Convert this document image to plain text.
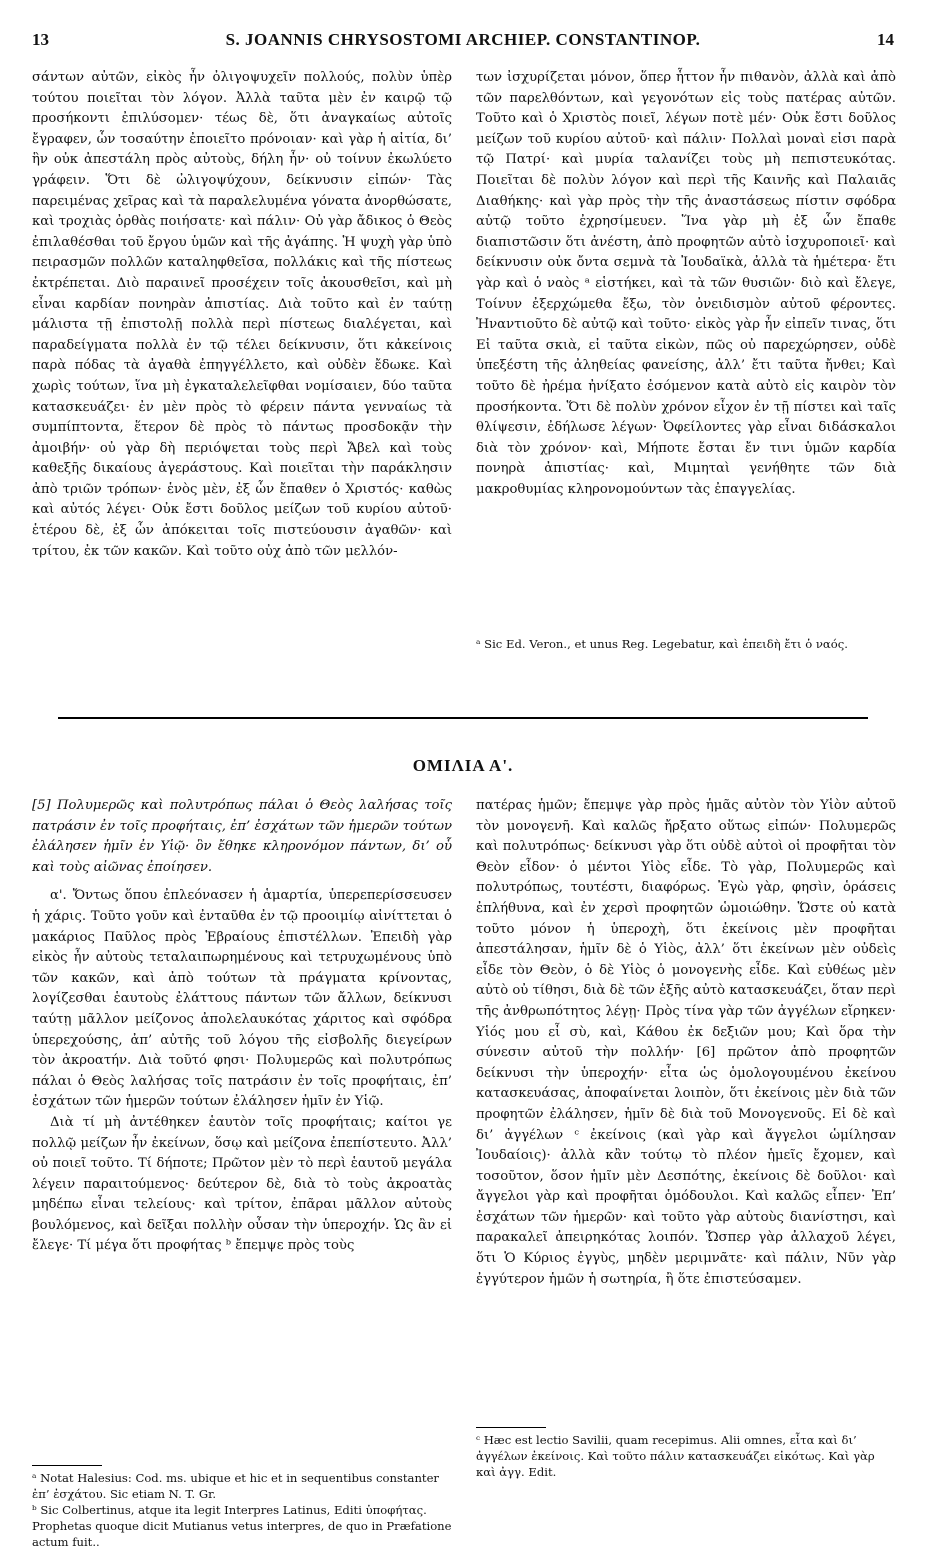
13	S. JOANNIS CHRYSOSTOMI ARCHIEP. CONSTANTINOP.	14

σάντων αὐτῶν, εἰκὸς ἦν ὀλιγοψυχεῖν πολλούς, πολὺν ὑπὲρ τούτου ποιεῖται τὸν λόγον. Ἀλλὰ ταῦτα μὲν ἐν καιρῷ τῷ προσήκοντι ἐπιλύσομεν· τέως δὲ, ὅτι ἀναγκαίως αὐτοῖς ἔγραφεν, ὧν τοσαύτην ἐποιεῖτο πρόνοιαν· καὶ γὰρ ἡ αἰτία, δι’ ἣν οὐκ ἀπεστάλη πρὸς αὐτοὺς, δήλη ἦν· οὐ τοίνυν ἐκωλύετο γράφειν. Ὅτι δὲ ὠλιγοψύχουν, δείκνυσιν εἰπών· Τὰς παρειμένας χεῖρας καὶ τὰ παραλελυμένα γόνατα ἀνορθώσατε, καὶ τροχιὰς ὀρθὰς ποιήσατε· καὶ πάλιν· Οὐ γὰρ ἄδικος ὁ Θεὸς ἐπιλαθέσθαι τοῦ ἔργου ὑμῶν καὶ τῆς ἀγάπης. Ἡ ψυχὴ γὰρ ὑπὸ πειρασμῶν πολλῶν καταληφθεῖσα, πολλάκις καὶ τῆς πίστεως ἐκτρέπεται. Διὸ παραινεῖ προσέχειν τοῖς ἀκουσθεῖσι, καὶ μὴ εἶναι καρδίαν πονηρὰν ἀπιστίας. Διὰ τοῦτο καὶ ἐν ταύτῃ μάλιστα τῇ ἐπιστολῇ πολλὰ περὶ πίστεως διαλέγεται, καὶ παραδείγματα πολλὰ ἐν τῷ τέλει δείκνυσιν, ὅτι κἀκείνοις παρὰ πόδας τὰ ἀγαθὰ ἐπηγγέλλετο, καὶ οὐδὲν ἔδωκε. Καὶ χωρὶς τούτων, ἵνα μὴ ἐγκαταλελεῖφθαι νομίσαιεν, δύο ταῦτα κατασκευάζει· ἐν μὲν πρὸς τὸ φέρειν πάντα γενναίως τὰ συμπίπτοντα, ἕτερον δὲ πρὸς τὸ πάντως προσδοκᾷν τὴν ἀμοιβήν· οὐ γὰρ δὴ περιόψεται τοὺς περὶ Ἄβελ καὶ τοὺς καθεξῆς δικαίους ἀγεράστους. Καὶ ποιεῖται τὴν παράκλησιν ἀπὸ τριῶν τρόπων· ἑνὸς μὲν, ἐξ ὧν ἔπαθεν ὁ Χριστός· καθὼς καὶ αὐτός λέγει· Οὐκ ἔστι δοῦλος μείζων τοῦ κυρίου αὐτοῦ· ἑτέρου δὲ, ἐξ ὧν ἀπόκειται τοῖς πιστεύουσιν ἀγαθῶν· καὶ τρίτου, ἐκ τῶν κακῶν. Καὶ τοῦτο οὐχ ἀπὸ τῶν μελλόν-

των ἰσχυρίζεται μόνον, ὅπερ ἧττον ἦν πιθανὸν, ἀλλὰ καὶ ἀπὸ τῶν παρελθόντων, καὶ γεγονότων εἰς τοὺς πατέρας αὐτῶν. Τοῦτο καὶ ὁ Χριστὸς ποιεῖ, λέγων ποτὲ μέν· Οὐκ ἔστι δοῦλος μείζων τοῦ κυρίου αὐτοῦ· καὶ πάλιν· Πολλαὶ μοναὶ εἰσι παρὰ τῷ Πατρί· καὶ μυρία ταλανίζει τοὺς μὴ πεπιστευκότας. Ποιεῖται δὲ πολὺν λόγον καὶ περὶ τῆς Καινῆς καὶ Παλαιᾶς Διαθήκης· καὶ γὰρ πρὸς τὴν τῆς ἀναστάσεως πίστιν σφόδρα αὐτῷ τοῦτο ἐχρησίμευεν. Ἵνα γὰρ μὴ ἐξ ὧν ἔπαθε διαπιστῶσιν ὅτι ἀνέστη, ἀπὸ προφητῶν αὐτὸ ἰσχυροποιεῖ· καὶ δείκνυσιν οὐκ ὄντα σεμνὰ τὰ Ἰουδαϊκὰ, ἀλλὰ τὰ ἡμέτερα· ἔτι γὰρ καὶ ὁ ναὸς ᵃ εἱστήκει, καὶ τὰ τῶν θυσιῶν· διὸ καὶ ἔλεγε, Τοίνυν ἐξερχώμεθα ἔξω, τὸν ὀνειδισμὸν αὐτοῦ φέροντες. Ἠναντιοῦτο δὲ αὐτῷ καὶ τοῦτο· εἰκὸς γὰρ ἦν εἰπεῖν τινας, ὅτι Εἰ ταῦτα σκιὰ, εἰ ταῦτα εἰκὼν, πῶς οὐ παρεχώρησεν, οὐδὲ ὑπεξέστη τῆς ἀληθείας φανείσης, ἀλλ’ ἔτι ταῦτα ἤνθει; Καὶ τοῦτο δὲ ἠρέμα ἠνίξατο ἐσόμενον κατὰ αὐτὸ εἰς καιρὸν τὸν προσήκοντα. Ὅτι δὲ πολὺν χρόνον εἶχον ἐν τῇ πίστει καὶ ταῖς θλίψεσιν, ἐδήλωσε λέγων· Ὀφείλοντες γὰρ εἶναι διδάσκαλοι διὰ τὸν χρόνον· καὶ, Μήποτε ἔσται ἔν τινι ὑμῶν καρδία πονηρὰ ἀπιστίας· καὶ, Μιμηταὶ γενήθητε τῶν διὰ μακροθυμίας κληρονομούντων τὰς ἐπαγγελίας.

ᵃ Sic Ed. Veron., et unus Reg. Legebatur, καὶ ἐπειδὴ ἔτι ὁ ναός.
ΟΜΙΛΙΑ Α'.

[5] Πολυμερῶς καὶ πολυτρόπως πάλαι ὁ Θεὸς λαλήσας τοῖς πατράσιν ἐν τοῖς προφήταις, ἐπ’ ἐσχάτων τῶν ἡμερῶν τούτων ἐλάλησεν ἡμῖν ἐν Υἱῷ· ὃν ἔθηκε κληρονόμον πάντων, δι’ οὗ καὶ τοὺς αἰῶνας ἐποίησεν.

α'. Ὄντως ὅπου ἐπλεόνασεν ἡ ἁμαρτία, ὑπερεπερίσσευσεν ἡ χάρις. Τοῦτο γοῦν καὶ ἐνταῦθα ἐν τῷ προοιμίῳ αἰνίττεται ὁ μακάριος Παῦλος πρὸς Ἑβραίους ἐπιστέλλων. Ἐπειδὴ γὰρ εἰκὸς ἦν αὐτοὺς τεταλαιπωρημένους καὶ τετρυχωμένους ὑπὸ τῶν κακῶν, καὶ ἀπὸ τούτων τὰ πράγματα κρίνοντας, λογίζεσθαι ἑαυτοὺς ἐλάττους πάντων τῶν ἄλλων, δείκνυσι ταύτῃ μᾶλλον μείζονος ἀπολελαυκότας χάριτος καὶ σφόδρα ὑπερεχούσης, ἀπ’ αὐτῆς τοῦ λόγου τῆς εἰσβολῆς διεγείρων τὸν ἀκροατήν. Διὰ τοῦτό φησι· Πολυμερῶς καὶ πολυτρόπως πάλαι ὁ Θεὸς λαλήσας τοῖς πατράσιν ἐν τοῖς προφήταις, ἐπ’ ἐσχάτων τῶν ἡμερῶν τούτων ἐλάλησεν ἡμῖν ἐν Υἱῷ.

Διὰ τί μὴ ἀντέθηκεν ἑαυτὸν τοῖς προφήταις; καίτοι γε πολλῷ μείζων ἦν ἐκείνων, ὅσῳ καὶ μείζονα ἐπεπίστευτο. Ἀλλ’ οὐ ποιεῖ τοῦτο. Τί δήποτε; Πρῶτον μὲν τὸ περὶ ἑαυτοῦ μεγάλα λέγειν παραιτούμενος· δεύτερον δὲ, διὰ τὸ τοὺς ἀκροατὰς μηδέπω εἶναι τελείους· καὶ τρίτον, ἐπᾶραι μᾶλλον αὐτοὺς βουλόμενος, καὶ δεῖξαι πολλὴν οὖσαν τὴν ὑπεροχήν. Ὡς ἂν εἰ ἔλεγε· Τί μέγα ὅτι προφήτας ᵇ ἔπεμψε πρὸς τοὺς

πατέρας ἡμῶν; ἔπεμψε γὰρ πρὸς ἡμᾶς αὐτὸν τὸν Υἱὸν αὐτοῦ τὸν μονογενῆ. Καὶ καλῶς ἤρξατο οὕτως εἰπών· Πολυμερῶς καὶ πολυτρόπως· δείκνυσι γὰρ ὅτι οὐδὲ αὐτοὶ οἱ προφῆται τὸν Θεὸν εἶδον· ὁ μέντοι Υἱὸς εἶδε. Τὸ γὰρ, Πολυμερῶς καὶ πολυτρόπως, τουτέστι, διαφόρως. Ἐγὼ γὰρ, φησὶν, ὁράσεις ἐπλήθυνα, καὶ ἐν χερσὶ προφητῶν ὡμοιώθην. Ὥστε οὐ κατὰ τοῦτο μόνον ἡ ὑπεροχὴ, ὅτι ἐκείνοις μὲν προφῆται ἀπεστάλησαν, ἡμῖν δὲ ὁ Υἱὸς, ἀλλ’ ὅτι ἐκείνων μὲν οὐδεὶς εἶδε τὸν Θεὸν, ὁ δὲ Υἱὸς ὁ μονογενὴς εἶδε. Καὶ εὐθέως μὲν αὐτὸ οὐ τίθησι, διὰ δὲ τῶν ἑξῆς αὐτὸ κατασκευάζει, ὅταν περὶ τῆς ἀνθρωπότητος λέγῃ· Πρὸς τίνα γὰρ τῶν ἀγγέλων εἴρηκεν· Υἱός μου εἶ σὺ, καὶ, Κάθου ἐκ δεξιῶν μου; Καὶ ὅρα τὴν σύνεσιν αὐτοῦ τὴν πολλήν· [6] πρῶτον ἀπὸ προφητῶν δείκνυσι τὴν ὑπεροχήν· εἶτα ὡς ὁμολογουμένου ἐκείνου κατασκευάσας, ἀποφαίνεται λοιπὸν, ὅτι ἐκείνοις μὲν διὰ τῶν προφητῶν ἐλάλησεν, ἡμῖν δὲ διὰ τοῦ Μονογενοῦς. Εἰ δὲ καὶ δι’ ἀγγέλων ᶜ ἐκείνοις (καὶ γὰρ καὶ ἄγγελοι ὡμίλησαν Ἰουδαίοις)· ἀλλὰ κἂν τούτῳ τὸ πλέον ἡμεῖς ἔχομεν, καὶ τοσοῦτον, ὅσον ἡμῖν μὲν Δεσπότης, ἐκείνοις δὲ δοῦλοι· καὶ ἄγγελοι γὰρ καὶ προφῆται ὁμόδουλοι. Καὶ καλῶς εἶπεν· Ἐπ’ ἐσχάτων τῶν ἡμερῶν· καὶ τοῦτο γὰρ αὐτοὺς διανίστησι, καὶ παρακαλεῖ ἀπειρηκότας λοιπόν. Ὥσπερ γὰρ ἀλλαχοῦ λέγει, ὅτι Ὁ Κύριος ἐγγὺς, μηδὲν μεριμνᾶτε· καὶ πάλιν, Νῦν γὰρ ἐγγύτερον ἡμῶν ἡ σωτηρία, ἢ ὅτε ἐπιστεύσαμεν.

ᵃ Notat Halesius: Cod. ms. ubique et hic et in sequentibus constanter ἐπ’ ἐσχάτου. Sic etiam N. T. Gr.
ᵇ Sic Colbertinus, atque ita legit Interpres Latinus, Editi ὑποφήτας. Prophetas quoque dicit Mutianus vetus interpres, de quo in Præfatione actum fuit..
ᶜ Hæc est lectio Savilii, quam recepimus. Alii omnes, εἶτα καὶ δι’ ἀγγέλων ἐκείνοις. Καὶ τοῦτο πάλιν κατασκευάζει εἰκότως. Καὶ γὰρ καὶ ἀγγ. Edit.
